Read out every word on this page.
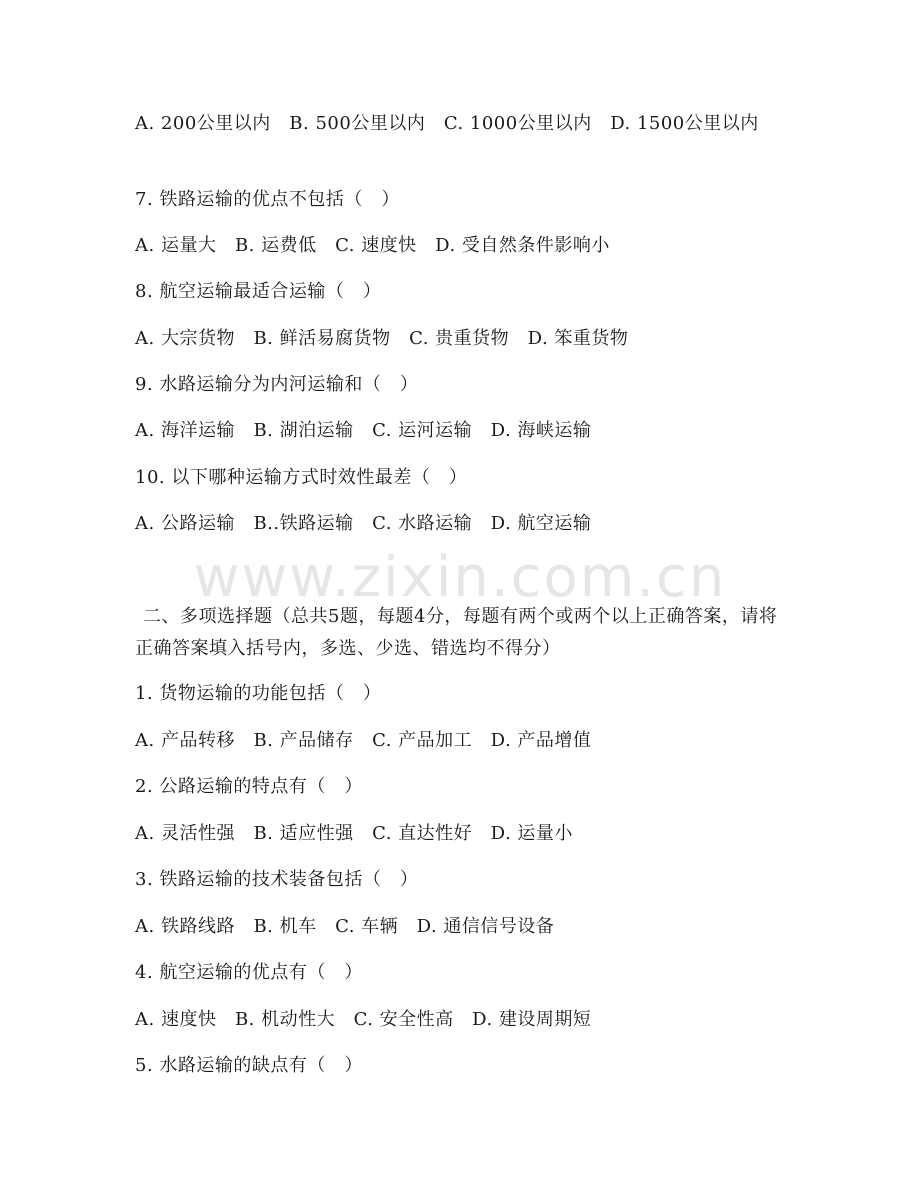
A. 200公里以内　B. 500公里以内　C. 1000公里以内　D. 1500公里以内
7. 铁路运输的优点不包括（　）
A. 运量大　B. 运费低　C. 速度快　D. 受自然条件影响小
8. 航空运输最适合运输（　）
A. 大宗货物　B. 鲜活易腐货物　C. 贵重货物　D. 笨重货物
9. 水路运输分为内河运输和（　）
A. 海洋运输　B. 湖泊运输　C. 运河运输　D. 海峡运输
10. 以下哪种运输方式时效性最差（　）
A. 公路运输　B..铁路运输　C. 水路运输　D. 航空运输
www.zixin.com.cn
二、多项选择题（总共5题，每题4分，每题有两个或两个以上正确答案，请将正确答案填入括号内，多选、少选、错选均不得分）
1. 货物运输的功能包括（　）
A. 产品转移　B. 产品储存　C. 产品加工　D. 产品增值
2. 公路运输的特点有（　）
A. 灵活性强　B. 适应性强　C. 直达性好　D. 运量小
3. 铁路运输的技术装备包括（　）
A. 铁路线路　B. 机车　C. 车辆　D. 通信信号设备
4. 航空运输的优点有（　）
A. 速度快　B. 机动性大　C. 安全性高　D. 建设周期短
5. 水路运输的缺点有（　）
